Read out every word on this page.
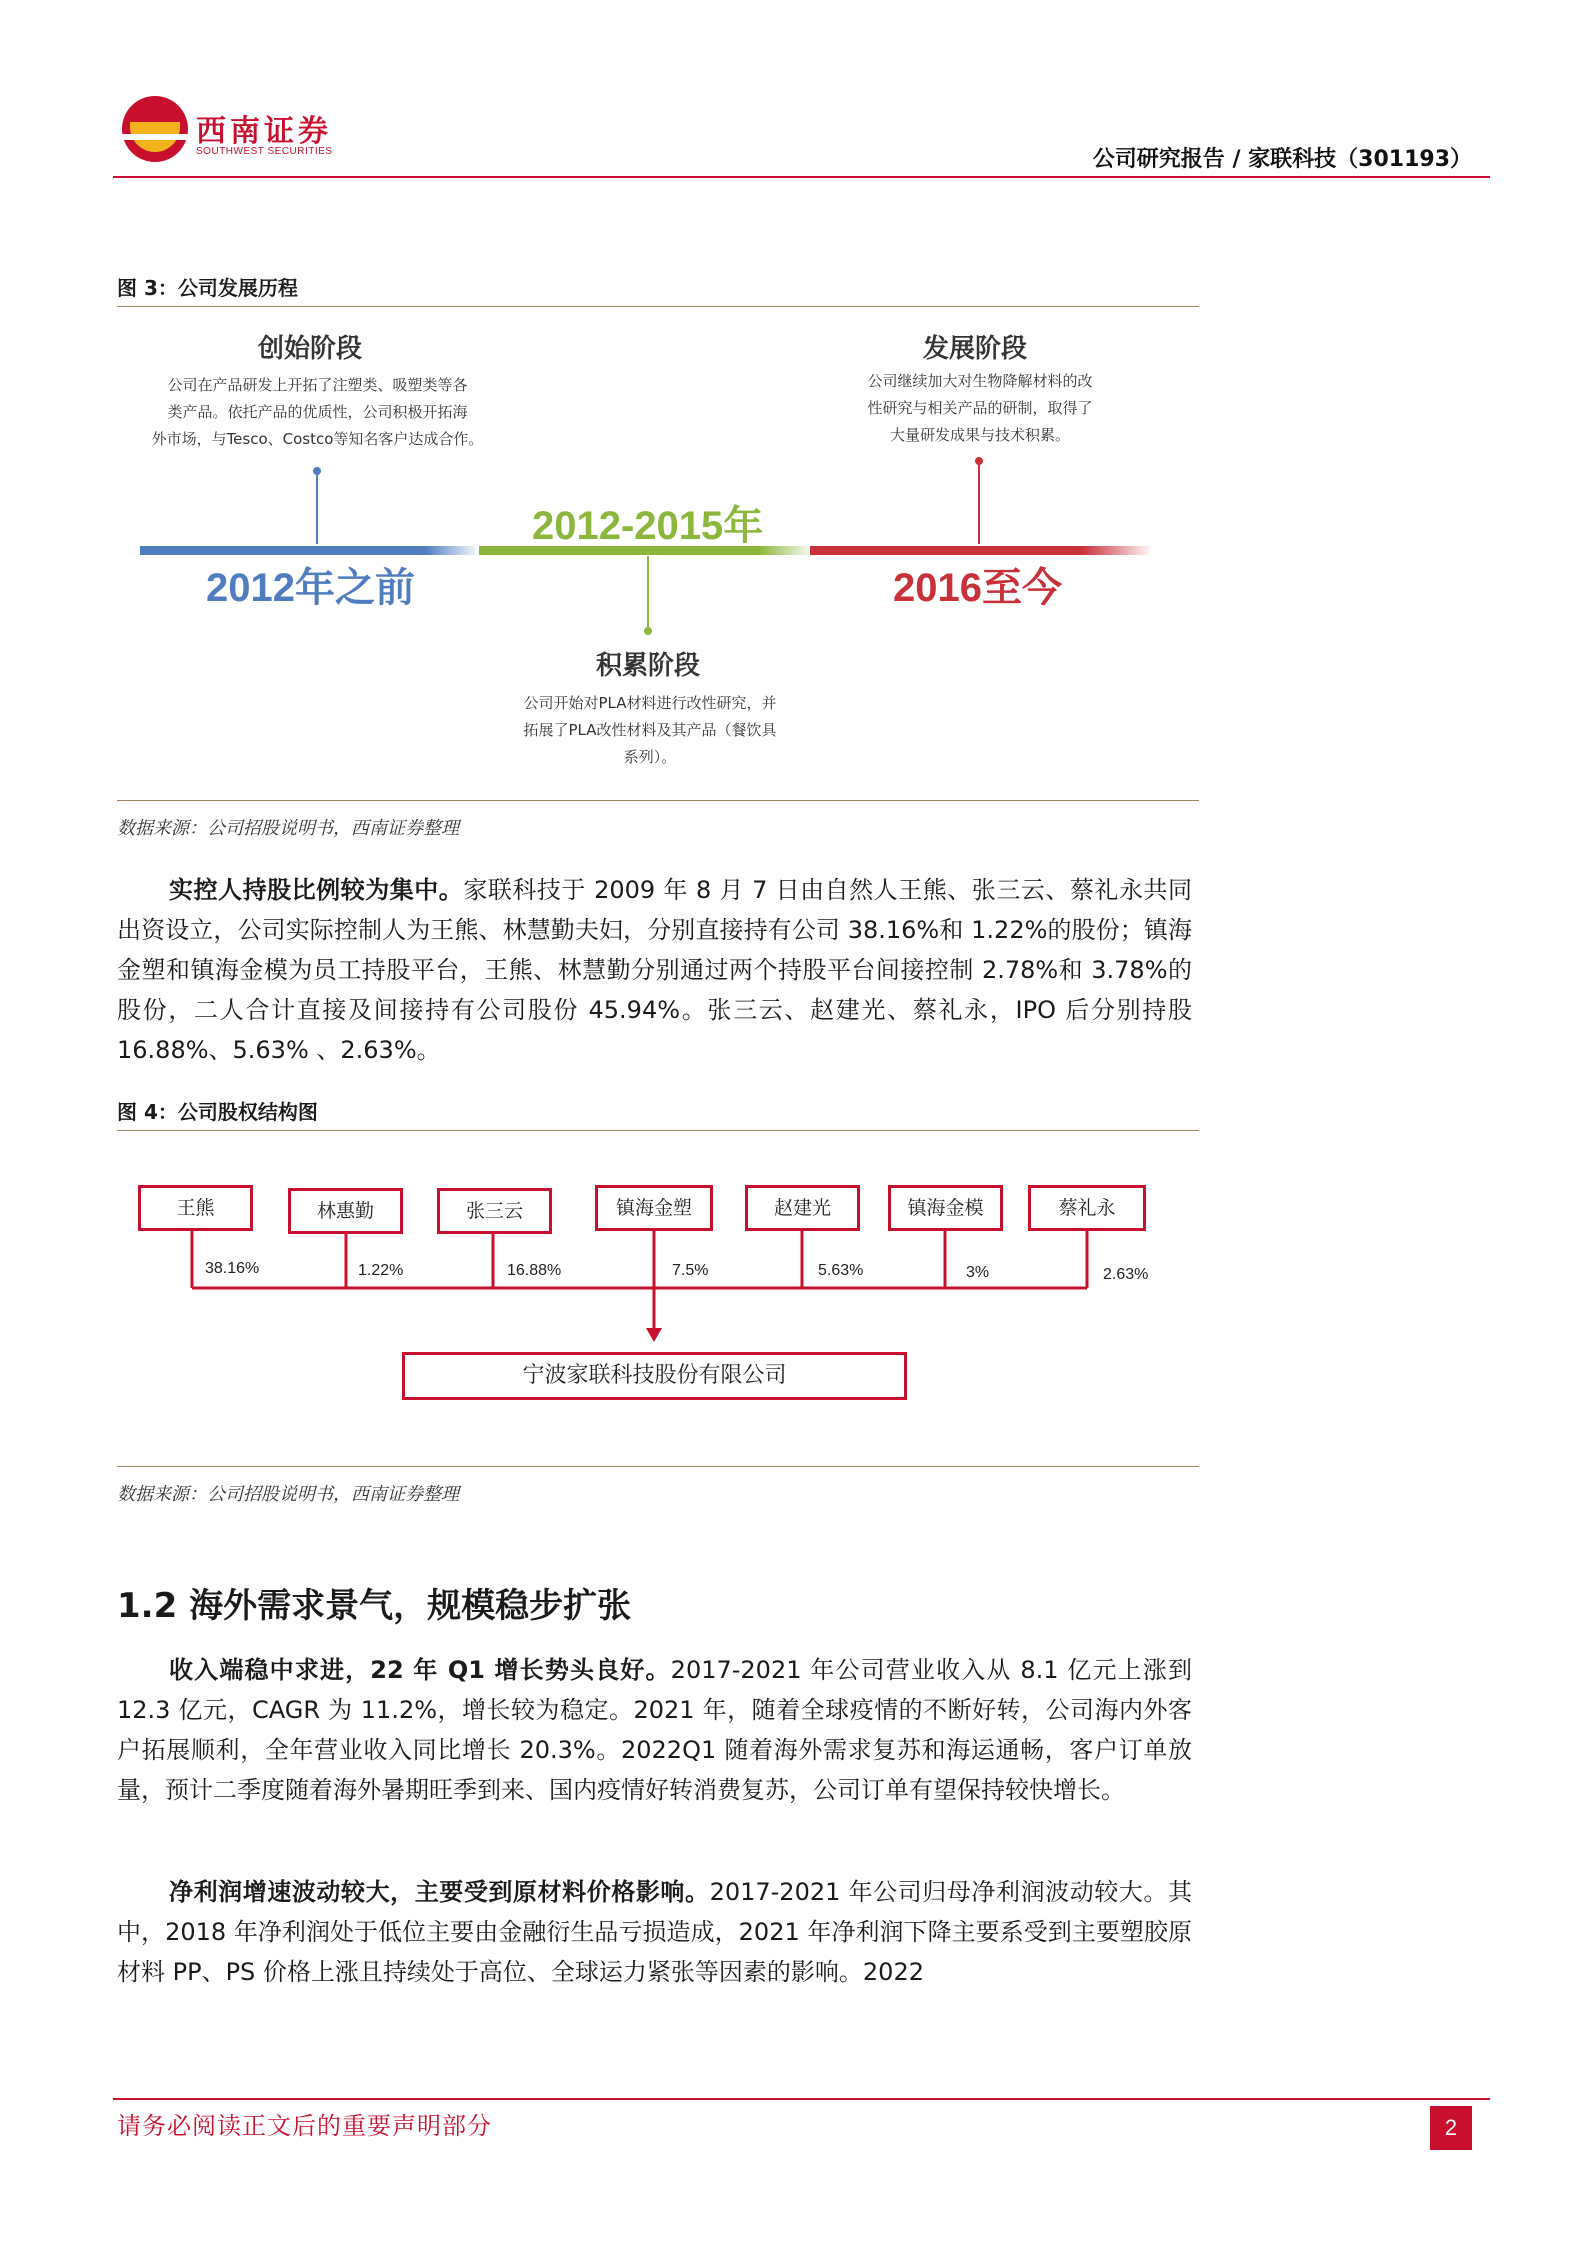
西南证券
SOUTHWEST SECURITIES	公司研究报告 / 家联科技（301193）
图 3：公司发展历程
创始阶段
公司在产品研发上开拓了注塑类、吸塑类等各
类产品。依托产品的优质性，公司积极开拓海
外市场，与Tesco、Costco等知名客户达成合作。
2012年之前
2012-2015年
积累阶段
公司开始对PLA材料进行改性研究，并
拓展了PLA改性材料及其产品（餐饮具
系列）。
发展阶段
公司继续加大对生物降解材料的改
性研究与相关产品的研制，取得了
大量研发成果与技术积累。
2016至今
数据来源：公司招股说明书，西南证券整理
实控人持股比例较为集中。家联科技于 2009 年 8 月 7 日由自然人王熊、张三云、蔡礼永共同出资设立，公司实际控制人为王熊、林慧勤夫妇，分别直接持有公司 38.16%和 1.22%的股份；镇海金塑和镇海金模为员工持股平台，王熊、林慧勤分别通过两个持股平台间接控制 2.78%和 3.78%的股份，二人合计直接及间接持有公司股份 45.94%。张三云、赵建光、蔡礼永，IPO 后分别持股 16.88%、5.63% 、2.63%。
图 4：公司股权结构图
王熊	林惠勤	张三云	镇海金塑	赵建光	镇海金模	蔡礼永
38.16%	1.22%	16.88%	7.5%	5.63%	3%	2.63%
宁波家联科技股份有限公司
数据来源：公司招股说明书，西南证券整理
1.2 海外需求景气，规模稳步扩张
收入端稳中求进，22 年 Q1 增长势头良好。2017-2021 年公司营业收入从 8.1 亿元上涨到 12.3 亿元，CAGR 为 11.2%，增长较为稳定。2021 年，随着全球疫情的不断好转，公司海内外客户拓展顺利，全年营业收入同比增长 20.3%。2022Q1 随着海外需求复苏和海运通畅，客户订单放量，预计二季度随着海外暑期旺季到来、国内疫情好转消费复苏，公司订单有望保持较快增长。
净利润增速波动较大，主要受到原材料价格影响。2017-2021 年公司归母净利润波动较大。其中，2018 年净利润处于低位主要由金融衍生品亏损造成，2021 年净利润下降主要系受到主要塑胶原材料 PP、PS 价格上涨且持续处于高位、全球运力紧张等因素的影响。2022
请务必阅读正文后的重要声明部分	2
